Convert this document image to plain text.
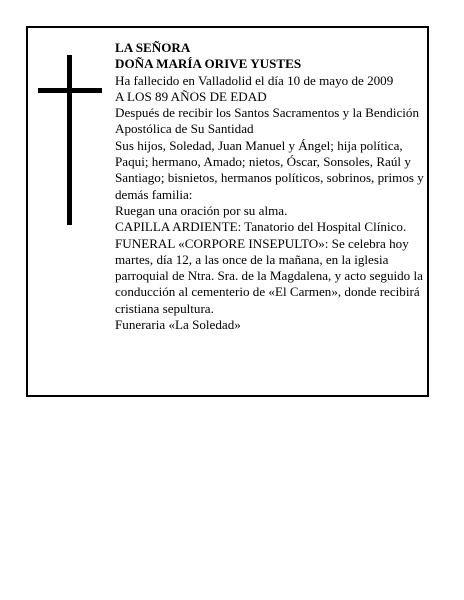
LA SEÑORA
DOÑA MARÍA ORIVE YUSTES
Ha fallecido en Valladolid el día 10 de mayo de 2009
A LOS 89 AÑOS DE EDAD
Después de recibir los Santos Sacramentos y la Bendición Apostólica de Su Santidad
Sus hijos, Soledad, Juan Manuel y Ángel; hija política, Paqui; hermano, Amado; nietos, Óscar, Sonsoles, Raúl y Santiago; bisnietos, hermanos políticos, sobrinos, primos y demás familia:
Ruegan una oración por su alma.
CAPILLA ARDIENTE: Tanatorio del Hospital Clínico.
FUNERAL «CORPORE INSEPULTO»: Se celebra hoy martes, día 12, a las once de la mañana, en la iglesia parroquial de Ntra. Sra. de la Magdalena, y acto seguido la conducción al cementerio de «El Carmen», donde recibirá cristiana sepultura.
Funeraria «La Soledad»
